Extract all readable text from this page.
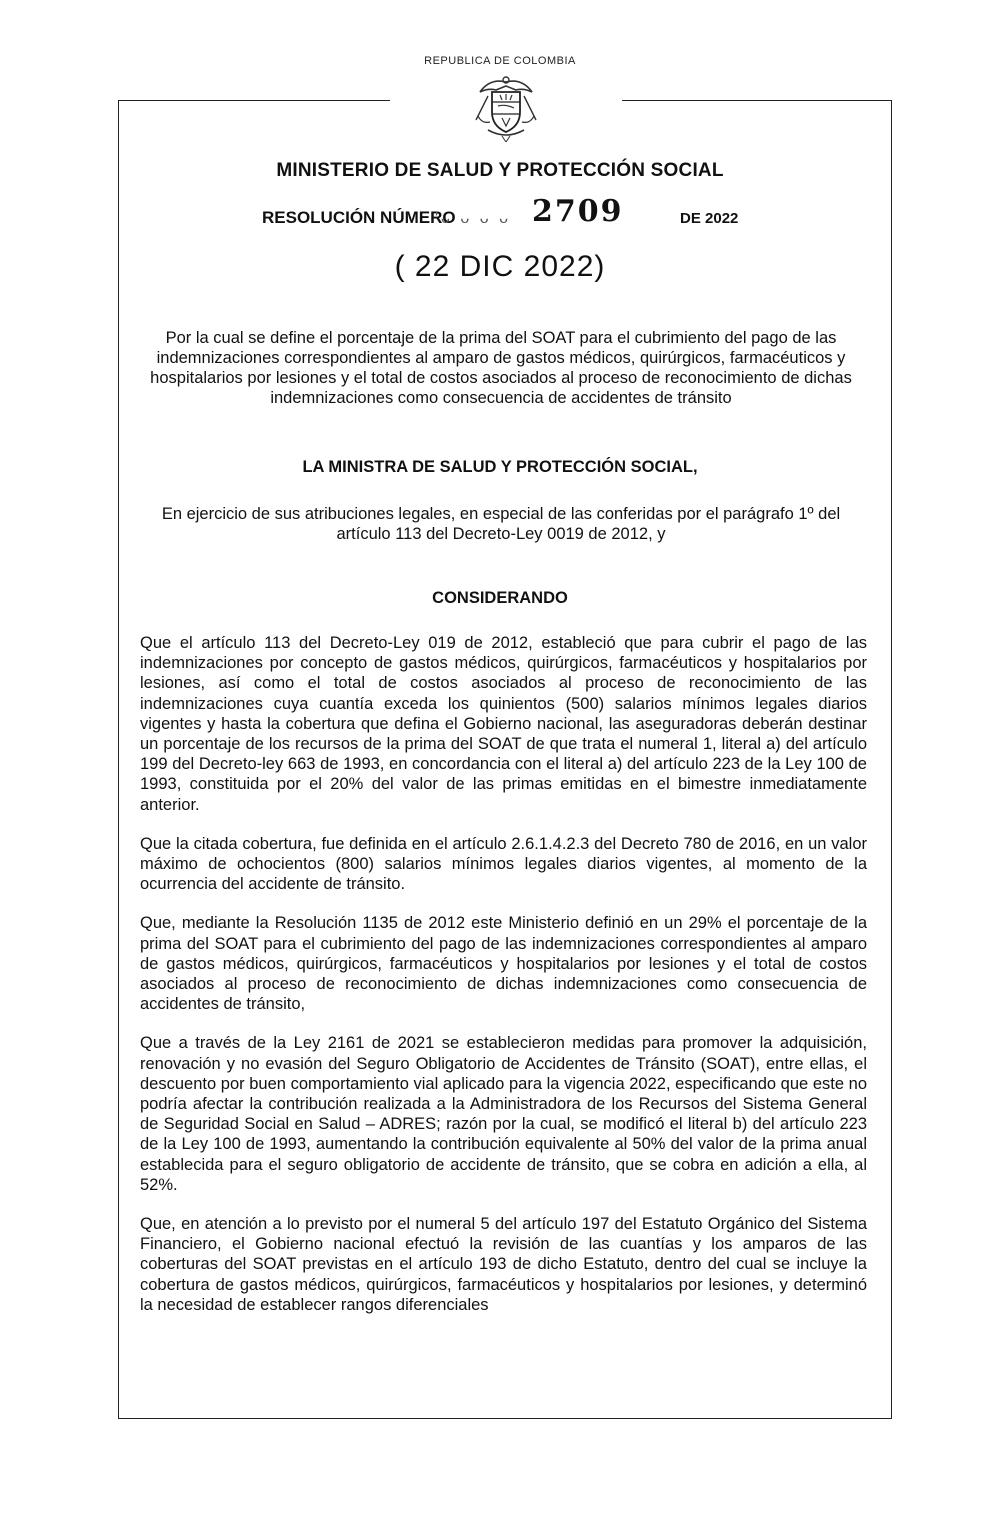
REPUBLICA DE COLOMBIA
MINISTERIO DE SALUD Y PROTECCIÓN SOCIAL
RESOLUCIÓN NÚMERO
'ᴗ ᴗ ᴗ ᴗ 2709	DE 2022
( 22 DIC 2022)
Por la cual se define el porcentaje de la prima del SOAT para el cubrimiento del pago de las indemnizaciones correspondientes al amparo de gastos médicos, quirúrgicos, farmacéuticos y hospitalarios por lesiones y el total de costos asociados al proceso de reconocimiento de dichas indemnizaciones como consecuencia de accidentes de tránsito
LA MINISTRA DE SALUD Y PROTECCIÓN SOCIAL,
En ejercicio de sus atribuciones legales, en especial de las conferidas por el parágrafo 1º del artículo 113 del Decreto-Ley 0019 de 2012, y
CONSIDERANDO

Que el artículo 113 del Decreto-Ley 019 de 2012, estableció que para cubrir el pago de las indemnizaciones por concepto de gastos médicos, quirúrgicos, farmacéuticos y hospitalarios por lesiones, así como el total de costos asociados al proceso de reconocimiento de las indemnizaciones cuya cuantía exceda los quinientos (500) salarios mínimos legales diarios vigentes y hasta la cobertura que defina el Gobierno nacional, las aseguradoras deberán destinar un porcentaje de los recursos de la prima del SOAT de que trata el numeral 1, literal a) del artículo 199 del Decreto-ley 663 de 1993, en concordancia con el literal a) del artículo 223 de la Ley 100 de 1993, constituida por el 20% del valor de las primas emitidas en el bimestre inmediatamente anterior.

Que la citada cobertura, fue definida en el artículo 2.6.1.4.2.3 del Decreto 780 de 2016, en un valor máximo de ochocientos (800) salarios mínimos legales diarios vigentes, al momento de la ocurrencia del accidente de tránsito.

Que, mediante la Resolución 1135 de 2012 este Ministerio definió en un 29% el porcentaje de la prima del SOAT para el cubrimiento del pago de las indemnizaciones correspondientes al amparo de gastos médicos, quirúrgicos, farmacéuticos y hospitalarios por lesiones y el total de costos asociados al proceso de reconocimiento de dichas indemnizaciones como consecuencia de accidentes de tránsito,

Que a través de la Ley 2161 de 2021 se establecieron medidas para promover la adquisición, renovación y no evasión del Seguro Obligatorio de Accidentes de Tránsito (SOAT), entre ellas, el descuento por buen comportamiento vial aplicado para la vigencia 2022, especificando que este no podría afectar la contribución realizada a la Administradora de los Recursos del Sistema General de Seguridad Social en Salud – ADRES; razón por la cual, se modificó el literal b) del artículo 223 de la Ley 100 de 1993, aumentando la contribución equivalente al 50% del valor de la prima anual establecida para el seguro obligatorio de accidente de tránsito, que se cobra en adición a ella, al 52%.

Que, en atención a lo previsto por el numeral 5 del artículo 197 del Estatuto Orgánico del Sistema Financiero, el Gobierno nacional efectuó la revisión de las cuantías y los amparos de las coberturas del SOAT previstas en el artículo 193 de dicho Estatuto, dentro del cual se incluye la cobertura de gastos médicos, quirúrgicos, farmacéuticos y hospitalarios por lesiones, y determinó la necesidad de establecer rangos diferenciales
